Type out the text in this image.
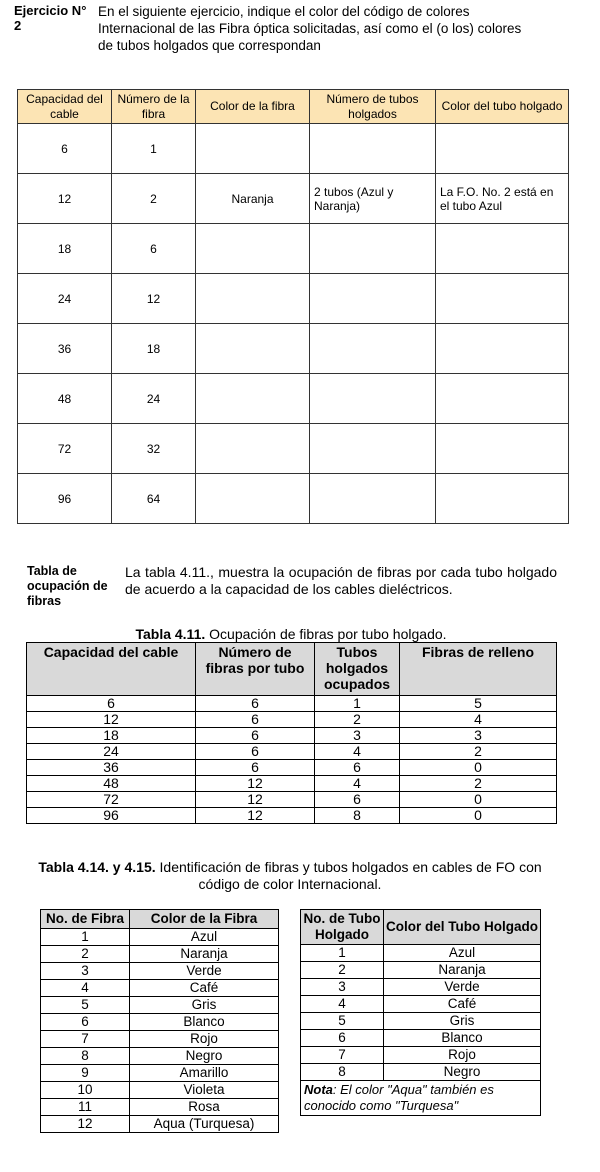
Ejercicio N° 2
En el siguiente ejercicio, indique el color del código de colores Internacional de las Fibra óptica solicitadas, así como el (o los) colores de tubos holgados que correspondan
Capacidad del cable	Número de la fibra	Color de la fibra	Número de tubos holgados	Color del tubo holgado
6	1			
12	2	Naranja	2 tubos (Azul y Naranja)	La F.O. No. 2 está en el tubo Azul
18	6			
24	12			
36	18			
48	24			
72	32			
96	64			
Tabla de ocupación de fibras
La tabla 4.11., muestra la ocupación de fibras por cada tubo holgado de acuerdo a la capacidad de los cables dieléctricos.
Tabla 4.11. Ocupación de fibras por tubo holgado.
Capacidad del cable	Número de fibras por tubo	Tubos holgados ocupados	Fibras de relleno
6	6	1	5
12	6	2	4
18	6	3	3
24	6	4	2
36	6	6	0
48	12	4	2
72	12	6	0
96	12	8	0
Tabla 4.14. y 4.15. Identificación de fibras y tubos holgados en cables de FO con código de color Internacional.
No. de Fibra	Color de la Fibra
1	Azul
2	Naranja
3	Verde
4	Café
5	Gris
6	Blanco
7	Rojo
8	Negro
9	Amarillo
10	Violeta
11	Rosa
12	Aqua (Turquesa)
No. de Tubo Holgado	Color del Tubo Holgado
1	Azul
2	Naranja
3	Verde
4	Café
5	Gris
6	Blanco
7	Rojo
8	Negro
Nota: El color "Aqua" también es conocido como "Turquesa"	
